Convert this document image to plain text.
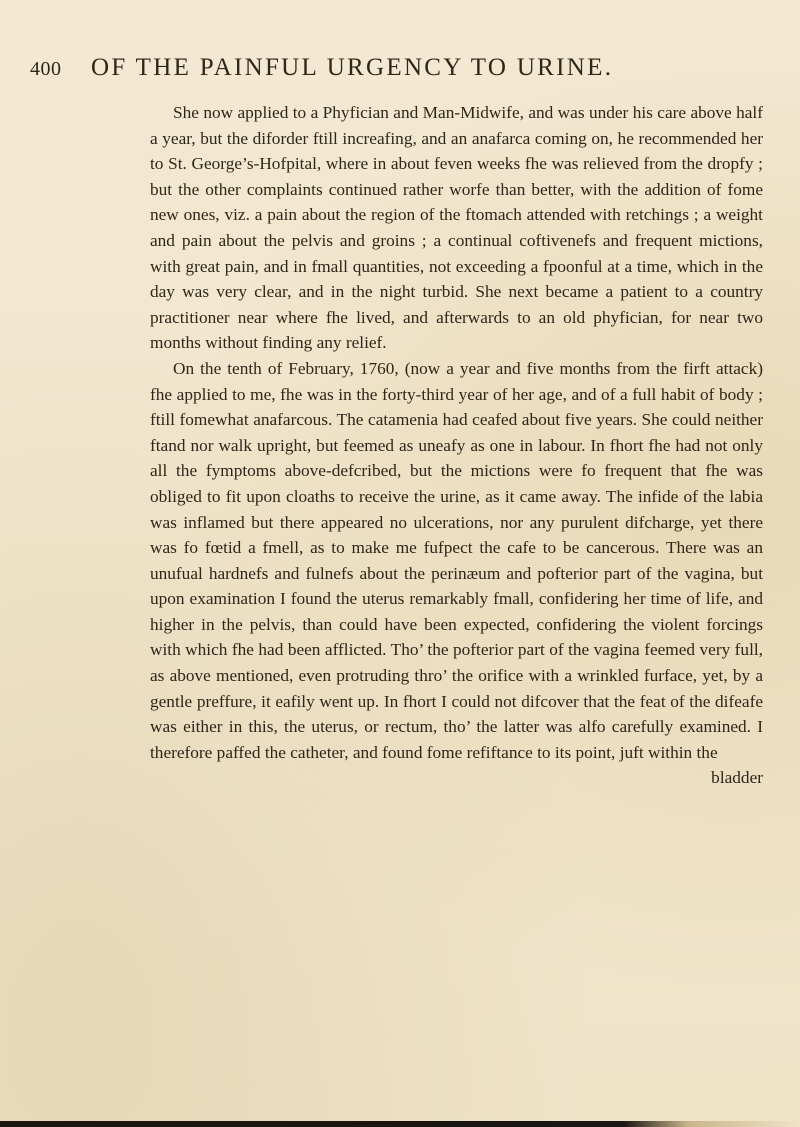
400 OF THE PAINFUL URGENCY TO URINE.

She now applied to a Phyfician and Man-Midwife, and was under his care above half a year, but the diforder ftill increafing, and an anafarca coming on, he recommended her to St. George’s-Hofpital, where in about feven weeks fhe was relieved from the dropfy ; but the other complaints continued rather worfe than better, with the addition of fome new ones, viz. a pain about the region of the ftomach attended with retchings ; a weight and pain about the pelvis and groins ; a continual coftivenefs and frequent mictions, with great pain, and in fmall quantities, not exceeding a fpoonful at a time, which in the day was very clear, and in the night turbid. She next became a patient to a country practitioner near where fhe lived, and afterwards to an old phyfician, for near two months without finding any relief.

On the tenth of February, 1760, (now a year and five months from the firft attack) fhe applied to me, fhe was in the forty-third year of her age, and of a full habit of body ; ftill fomewhat anafarcous. The catamenia had ceafed about five years. She could neither ftand nor walk upright, but feemed as uneafy as one in labour. In fhort fhe had not only all the fymptoms above-defcribed, but the mictions were fo frequent that fhe was obliged to fit upon cloaths to receive the urine, as it came away. The infide of the labia was inflamed but there appeared no ulcerations, nor any purulent difcharge, yet there was fo fœtid a fmell, as to make me fufpect the cafe to be cancerous. There was an unufual hardnefs and fulnefs about the perinæum and pofterior part of the vagina, but upon examination I found the uterus remarkably fmall, confidering her time of life, and higher in the pelvis, than could have been expected, confidering the violent forcings with which fhe had been afflicted. Tho’ the pofterior part of the vagina feemed very full, as above mentioned, even protruding thro’ the orifice with a wrinkled furface, yet, by a gentle preffure, it eafily went up. In fhort I could not difcover that the feat of the difeafe was either in this, the uterus, or rectum, tho’ the latter was alfo carefully examined. I therefore paffed the catheter, and found fome refiftance to its point, juft within the

bladder
